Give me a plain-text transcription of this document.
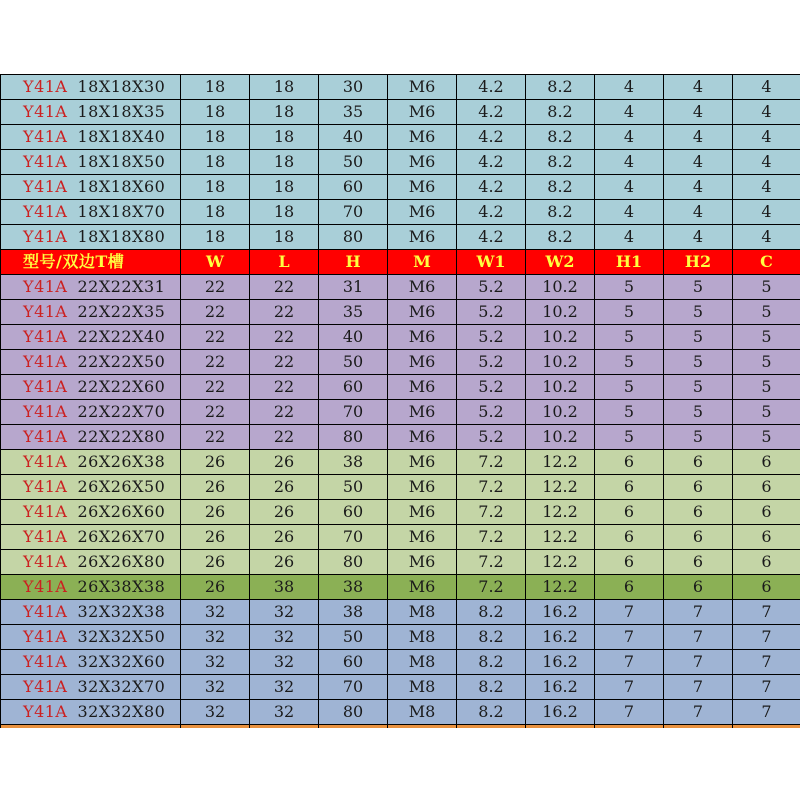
Y41A 18X18X30	18	18	30	M6	4.2	8.2	4	4	4
Y41A 18X18X35	18	18	35	M6	4.2	8.2	4	4	4
Y41A 18X18X40	18	18	40	M6	4.2	8.2	4	4	4
Y41A 18X18X50	18	18	50	M6	4.2	8.2	4	4	4
Y41A 18X18X60	18	18	60	M6	4.2	8.2	4	4	4
Y41A 18X18X70	18	18	70	M6	4.2	8.2	4	4	4
Y41A 18X18X80	18	18	80	M6	4.2	8.2	4	4	4
型号/双边T槽	W	L	H	M	W1	W2	H1	H2	C
Y41A 22X22X31	22	22	31	M6	5.2	10.2	5	5	5
Y41A 22X22X35	22	22	35	M6	5.2	10.2	5	5	5
Y41A 22X22X40	22	22	40	M6	5.2	10.2	5	5	5
Y41A 22X22X50	22	22	50	M6	5.2	10.2	5	5	5
Y41A 22X22X60	22	22	60	M6	5.2	10.2	5	5	5
Y41A 22X22X70	22	22	70	M6	5.2	10.2	5	5	5
Y41A 22X22X80	22	22	80	M6	5.2	10.2	5	5	5
Y41A 26X26X38	26	26	38	M6	7.2	12.2	6	6	6
Y41A 26X26X50	26	26	50	M6	7.2	12.2	6	6	6
Y41A 26X26X60	26	26	60	M6	7.2	12.2	6	6	6
Y41A 26X26X70	26	26	70	M6	7.2	12.2	6	6	6
Y41A 26X26X80	26	26	80	M6	7.2	12.2	6	6	6
Y41A 26X38X38	26	38	38	M6	7.2	12.2	6	6	6
Y41A 32X32X38	32	32	38	M8	8.2	16.2	7	7	7
Y41A 32X32X50	32	32	50	M8	8.2	16.2	7	7	7
Y41A 32X32X60	32	32	60	M8	8.2	16.2	7	7	7
Y41A 32X32X70	32	32	70	M8	8.2	16.2	7	7	7
Y41A 32X32X80	32	32	80	M8	8.2	16.2	7	7	7
